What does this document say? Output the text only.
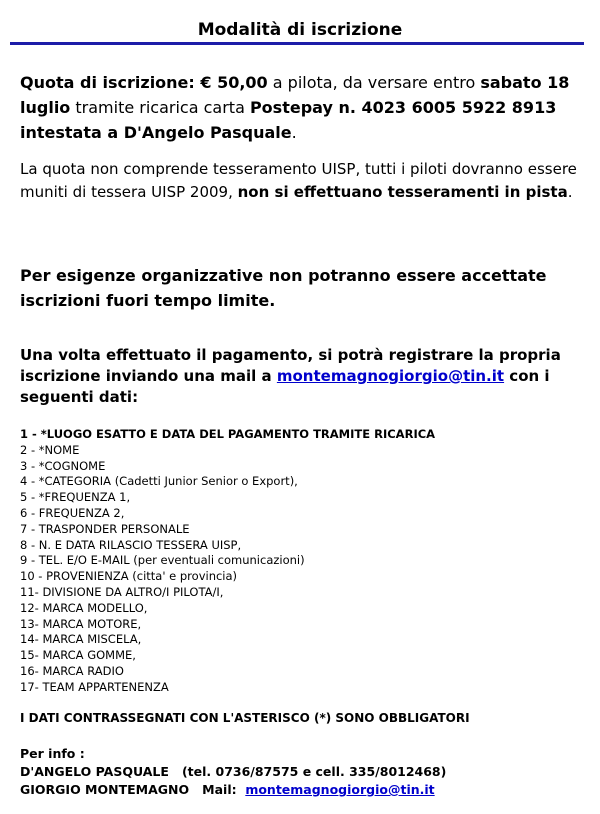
Modalità di iscrizione
Quota di iscrizione: € 50,00 a pilota, da versare entro sabato 18 luglio tramite ricarica carta Postepay n. 4023 6005 5922 8913
intestata a D'Angelo Pasquale.
La quota non comprende tesseramento UISP, tutti i piloti dovranno essere muniti di tessera UISP 2009, non si effettuano tesseramenti in pista.
Per esigenze organizzative non potranno essere accettate iscrizioni fuori tempo limite.
Una volta effettuato il pagamento, si potrà registrare la propria iscrizione inviando una mail a montemagnogiorgio@tin.it con i seguenti dati:
1 - *LUOGO ESATTO E DATA DEL PAGAMENTO TRAMITE RICARICA
2 - *NOME
3 - *COGNOME
4 - *CATEGORIA (Cadetti Junior Senior o Export),
5 - *FREQUENZA 1,
6 - FREQUENZA 2,
7 - TRASPONDER PERSONALE
8 - N. E DATA RILASCIO TESSERA UISP,
9 - TEL. E/O E-MAIL (per eventuali comunicazioni)
10 - PROVENIENZA (citta' e provincia)
11- DIVISIONE DA ALTRO/I PILOTA/I,
12- MARCA MODELLO,
13- MARCA MOTORE,
14- MARCA MISCELA,
15- MARCA GOMME,
16- MARCA RADIO
17- TEAM APPARTENENZA
I DATI CONTRASSEGNATI CON L'ASTERISCO (*) SONO OBBLIGATORI
Per info :
D'ANGELO PASQUALE   (tel. 0736/87575 e cell. 335/8012468)
GIORGIO MONTEMAGNO   Mail:  montemagnogiorgio@tin.it
